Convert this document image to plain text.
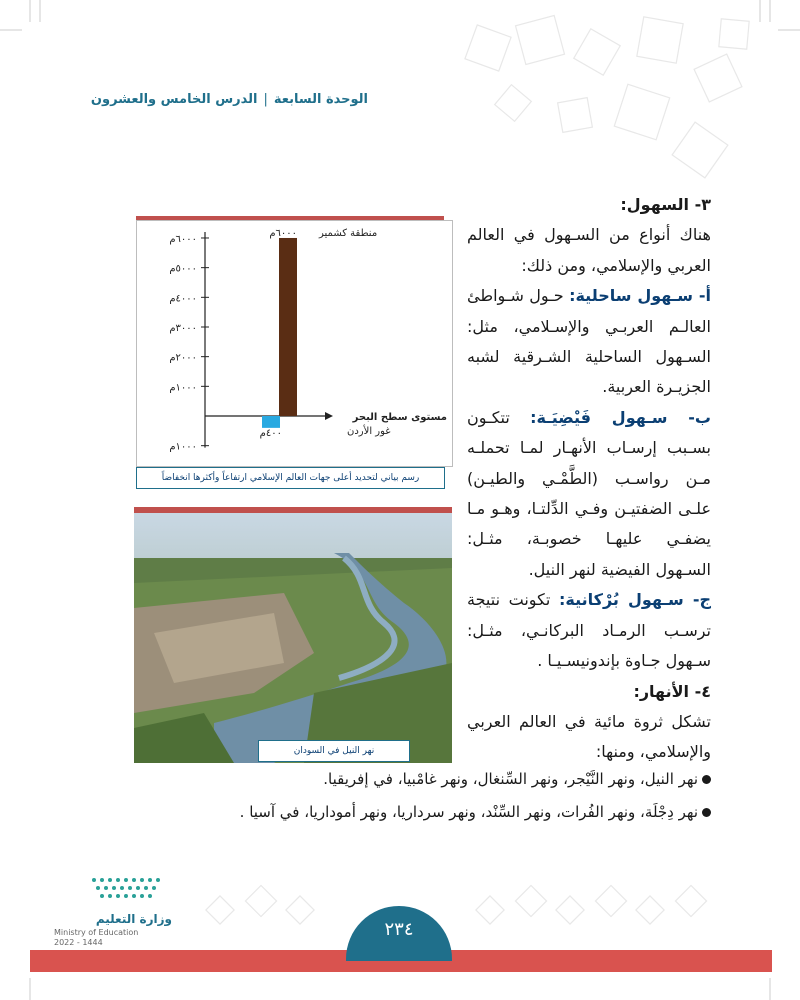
الوحدة السابعة|الدرس الخامس والعشرون

٣- السهول:

هناك أنواع من السـهول في العالم العربي والإسلامي، ومن ذلك:

أ- سـهول ساحلية: حـول شـواطئ العالـم العربـي والإسـلامي، مثل: السـهول الساحلية الشـرقية لشبه الجزيـرة العربية.

ب- سـهول فَيْضِيَـة: تتكـون بسـبب إرسـاب الأنهـار لمـا تحملـه مـن رواسـب (الطَّمْـي والطيـن) علـى الضفتيـن وفـي الدِّلتـا، وهـو مـا يضفـي عليهـا خصوبـة، مثـل: السـهول الفيضية لنهر النيل.

ج- سـهول بُرْكانية: تكونت نتيجة ترسـب الرمـاد البركانـي، مثـل: سـهول جـاوة بإندونيسـيـا .

٤- الأنهار:

تشكل ثروة مائية في العالم العربي والإسلامي، ومنها:

نهر النيل، ونهر النَّيْجر، ونهر السِّنغال، ونهر غامْبيا، في إفريقيا.
نهر دِجْلَة، ونهر الفُرات، ونهر السِّنْد، ونهر سرداريا، ونهر أموداريا، في آسيا .
٦٠٠٠م
٥٠٠٠م
٤٠٠٠م
٣٠٠٠م
٢٠٠٠م
١٠٠٠م
١٠٠٠م
منطقة كشمير
٦٠٠٠م
غور الأردن
٤٠٠م
مستوى سطح البحر
رسم بياني لتحديد أعلى جهات العالم الإسلامي ارتفاعاً وأكثرها انخفاضاً
نهر النيل في السودان
وزارة التعليم
Ministry of Education
2022 - 1444
٢٣٤
